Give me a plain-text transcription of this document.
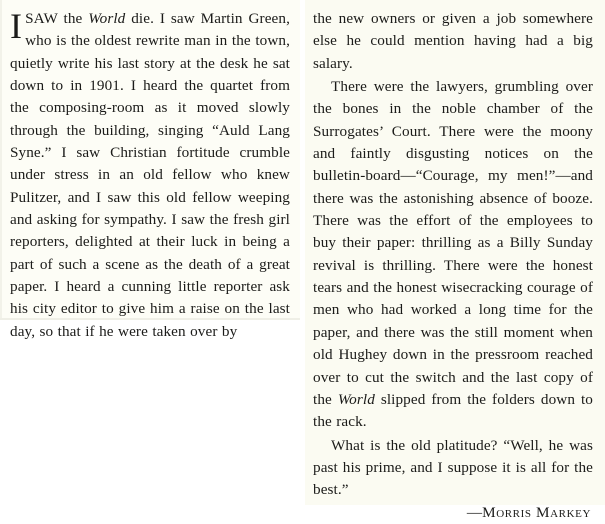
ISAW the World die. I saw Martin Green, who is the oldest rewrite man in the town, quietly write his last story at the desk he sat down to in 1901. I heard the quartet from the composing-room as it moved slowly through the building, singing “Auld Lang Syne.” I saw Christian fortitude crumble under stress in an old fellow who knew Pulitzer, and I saw this old fellow weeping and asking for sympathy. I saw the fresh girl reporters, delighted at their luck in being a part of such a scene as the death of a great paper. I heard a cunning little reporter ask his city editor to give him a raise on the last day, so that if he were taken over by

the new owners or given a job somewhere else he could mention having had a big salary.

There were the lawyers, grumbling over the bones in the noble chamber of the Surrogates’ Court. There were the moony and faintly disgusting notices on the bulletin-board—“Courage, my men!”—and there was the astonishing absence of booze. There was the effort of the employees to buy their paper: thrilling as a Billy Sunday revival is thrilling. There were the honest tears and the honest wisecracking courage of men who had worked a long time for the paper, and there was the still moment when old Hughey down in the pressroom reached over to cut the switch and the last copy of the World slipped from the folders down to the rack.

What is the old platitude? “Well, he was past his prime, and I suppose it is all for the best.”

—Morris Markey
